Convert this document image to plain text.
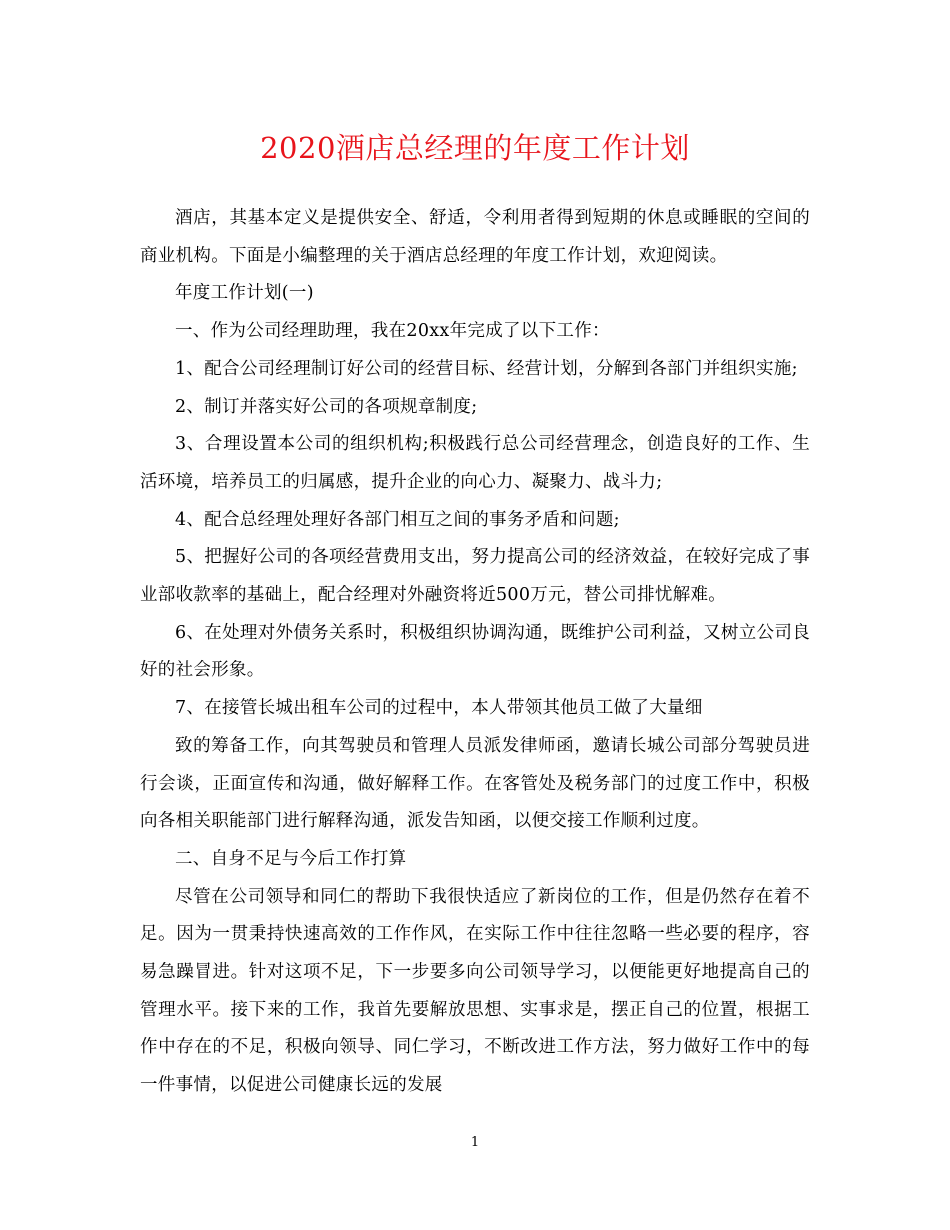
2020酒店总经理的年度工作计划

酒店，其基本定义是提供安全、舒适，令利用者得到短期的休息或睡眠的空间的商业机构。下面是小编整理的关于酒店总经理的年度工作计划，欢迎阅读。

年度工作计划(一)

一、作为公司经理助理，我在20xx年完成了以下工作：

1、配合公司经理制订好公司的经营目标、经营计划，分解到各部门并组织实施;

2、制订并落实好公司的各项规章制度;

3、合理设置本公司的组织机构;积极践行总公司经营理念，创造良好的工作、生活环境，培养员工的归属感，提升企业的向心力、凝聚力、战斗力;

4、配合总经理处理好各部门相互之间的事务矛盾和问题;

5、把握好公司的各项经营费用支出，努力提高公司的经济效益，在较好完成了事业部收款率的基础上，配合经理对外融资将近500万元，替公司排忧解难。

6、在处理对外债务关系时，积极组织协调沟通，既维护公司利益，又树立公司良好的社会形象。

7、在接管长城出租车公司的过程中，本人带领其他员工做了大量细

致的筹备工作，向其驾驶员和管理人员派发律师函，邀请长城公司部分驾驶员进行会谈，正面宣传和沟通，做好解释工作。在客管处及税务部门的过度工作中，积极向各相关职能部门进行解释沟通，派发告知函，以便交接工作顺利过度。

二、自身不足与今后工作打算

尽管在公司领导和同仁的帮助下我很快适应了新岗位的工作，但是仍然存在着不足。因为一贯秉持快速高效的工作作风，在实际工作中往往忽略一些必要的程序，容易急躁冒进。针对这项不足，下一步要多向公司领导学习，以便能更好地提高自己的管理水平。接下来的工作，我首先要解放思想、实事求是，摆正自己的位置，根据工作中存在的不足，积极向领导、同仁学习，不断改进工作方法，努力做好工作中的每一件事情，以促进公司健康长远的发展

1
